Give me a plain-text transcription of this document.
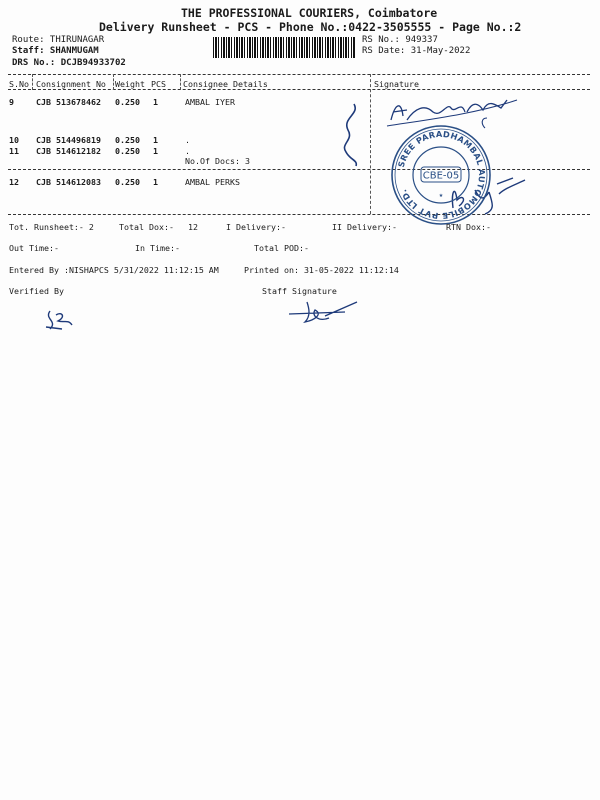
THE PROFESSIONAL COURIERS, Coimbatore
Delivery Runsheet - PCS - Phone No.:0422-3505555 - Page No.:2
Route: THIRUNAGAR
Staff: SHANMUGAM
DRS No.: DCJB94933702
RS No.: 949337
RS Date: 31-May-2022
S.No Consignment No Weight PCS Consignee Details	Signature
9	CJB 513678462 0.250 1	AMBAL IYER
10 CJB 514496819 0.250 1	.
11 CJB 514612182 0.250 1	.
No.Of Docs: 3
12 CJB 514612083 0.250 1	AMBAL PERKS
SREE PARADHAMBAL AUTOMOBILE PVT LTD.
CBE-05
★
Tot. Runsheet:- 2	Total Dox:- 12	I Delivery:-	II Delivery:-	RTN Dox:-
Out Time:-	In Time:-	Total POD:-
Entered By :NISHAPCS 5/31/2022 11:12:15 AM	Printed on: 31-05-2022 11:12:14
Verified By	Staff Signature
